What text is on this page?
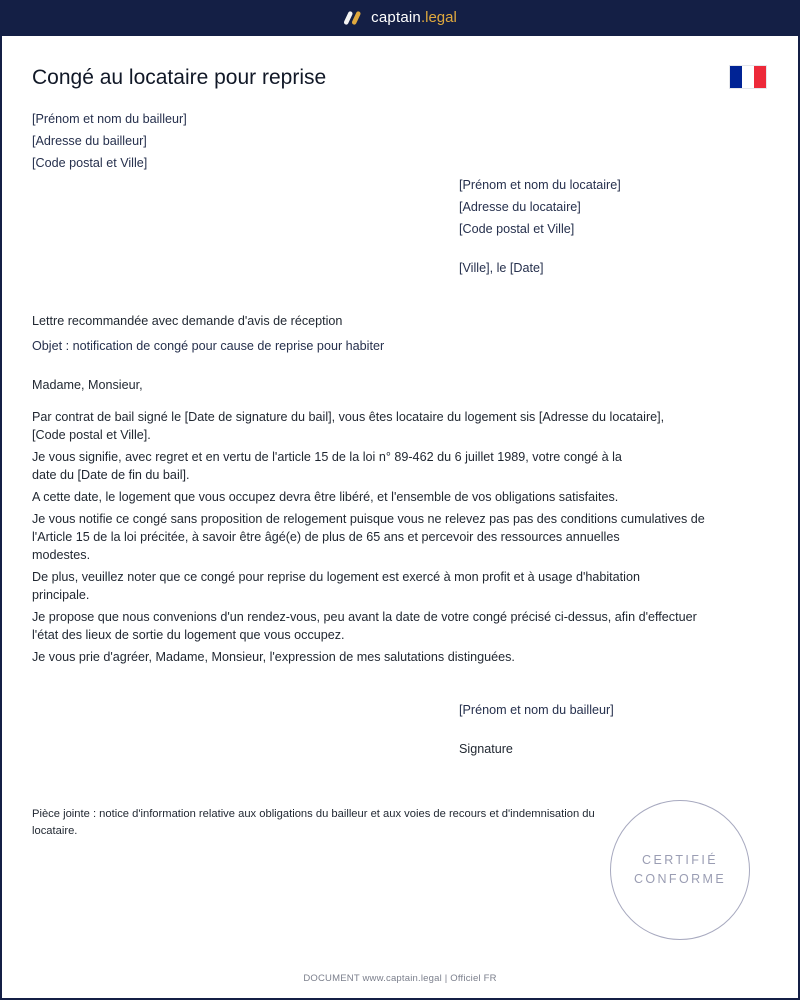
captain.legal
Congé au locataire pour reprise
[Prénom et nom du bailleur]
[Adresse du bailleur]
[Code postal et Ville]
[Prénom et nom du locataire]
[Adresse du locataire]
[Code postal et Ville]
[Ville], le [Date]
Lettre recommandée avec demande d'avis de réception
Objet : notification de congé pour cause de reprise pour habiter
Madame, Monsieur,
Par contrat de bail signé le [Date de signature du bail], vous êtes locataire du logement sis [Adresse du locataire],
[Code postal et Ville].
Je vous signifie, avec regret et en vertu de l'article 15 de la loi n° 89-462 du 6 juillet 1989, votre congé à la
date du [Date de fin du bail].
A cette date, le logement que vous occupez devra être libéré, et l'ensemble de vos obligations satisfaites.
Je vous notifie ce congé sans proposition de relogement puisque vous ne relevez pas pas des conditions cumulatives de
l'Article 15 de la loi précitée, à savoir être âgé(e) de plus de 65 ans et percevoir des ressources annuelles
modestes.
De plus, veuillez noter que ce congé pour reprise du logement est exercé à mon profit et à usage d'habitation
principale.
Je propose que nous convenions d'un rendez-vous, peu avant la date de votre congé précisé ci-dessus, afin d'effectuer
l'état des lieux de sortie du logement que vous occupez.
Je vous prie d'agréer, Madame, Monsieur, l'expression de mes salutations distinguées.
[Prénom et nom du bailleur]
Signature
Pièce jointe : notice d'information relative aux obligations du bailleur et aux voies de recours et d'indemnisation du
locataire.
CERTIFIÉ
CONFORME
DOCUMENT www.captain.legal | Officiel FR
